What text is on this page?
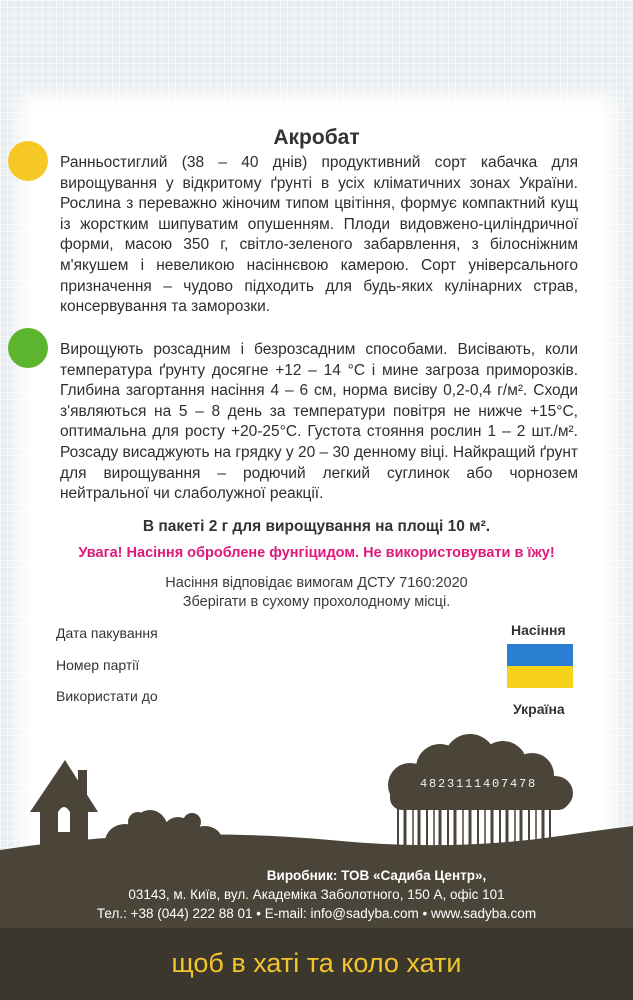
Акробат
Ранньостиглий (38 – 40 днів) продуктивний сорт кабачка для вирощування у відкритому ґрунті в усіх кліматичних зонах України. Рослина з переважно жіночим типом цвітіння, формує компактний кущ із жорстким шипуватим опушенням. Плоди видовжено-циліндричної форми, масою 350 г, світло-зеленого забарвлення, з білосніжним м'якушем і невеликою насіннєвою камерою. Сорт універсального призначення – чудово підходить для будь-яких кулінарних страв, консервування та заморозки.
Вирощують розсадним і безрозсадним способами. Висівають, коли температура ґрунту досягне +12 – 14 °С і мине загроза приморозків. Глибина загортання насіння 4 – 6 см, норма висіву 0,2-0,4 г/м². Сходи з'являються на 5 – 8 день за температури повітря не нижче +15°С, оптимальна для росту +20-25°С. Густота стояння рослин 1 – 2 шт./м². Розсаду висаджують на грядку у 20 – 30 денному віці. Найкращий ґрунт для вирощування – родючий легкий суглинок або чорнозем нейтральної чи слаболужної реакції.
В пакеті 2 г для вирощування на площі 10 м².
Увага! Насіння оброблене фунгіцидом. Не використовувати в їжу!
Насіння відповідає вимогам ДСТУ 7160:2020
Зберігати в сухому прохолодному місці.
Дата пакування
Номер партії
Використати до
Насіння
Україна
4823111407478
Виробник: ТОВ «Садиба Центр»,
03143, м. Київ, вул. Академіка Заболотного, 150 А, офіс 101
Тел.: +38 (044) 222 88 01 • E-mail: info@sadyba.com • www.sadyba.com
щоб в хаті та коло хати
